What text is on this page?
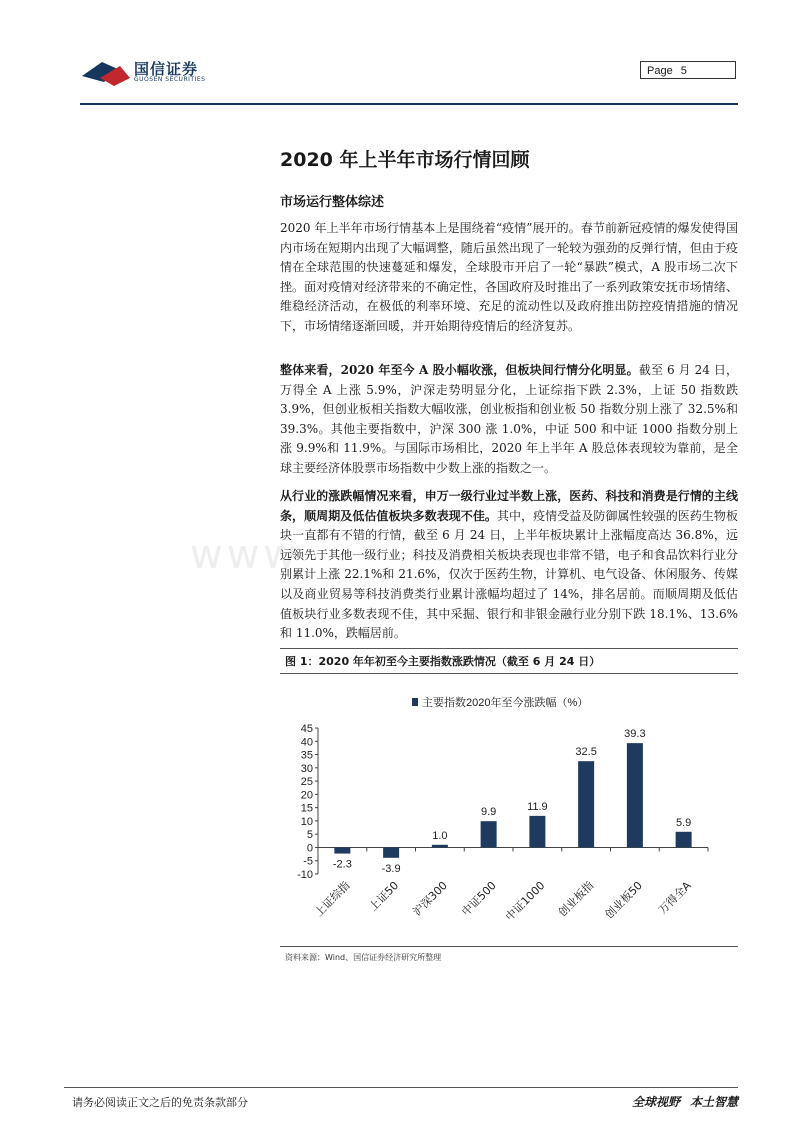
国信证券
GUOSEN SECURITIES
Page 5
www
2020 年上半年市场行情回顾
市场运行整体综述
2020 年上半年市场行情基本上是围绕着“疫情”展开的。春节前新冠疫情的爆发使得国内市场在短期内出现了大幅调整，随后虽然出现了一轮较为强劲的反弹行情，但由于疫情在全球范围的快速蔓延和爆发，全球股市开启了一轮“暴跌”模式，A 股市场二次下挫。面对疫情对经济带来的不确定性，各国政府及时推出了一系列政策安抚市场情绪、维稳经济活动，在极低的利率环境、充足的流动性以及政府推出防控疫情措施的情况下，市场情绪逐渐回暖，并开始期待疫情后的经济复苏。
整体来看，2020 年至今 A 股小幅收涨，但板块间行情分化明显。截至 6 月 24 日，万得全 A 上涨 5.9%，沪深走势明显分化，上证综指下跌 2.3%，上证 50 指数跌 3.9%，但创业板相关指数大幅收涨，创业板指和创业板 50 指数分别上涨了 32.5%和 39.3%。其他主要指数中，沪深 300 涨 1.0%，中证 500 和中证 1000 指数分别上涨 9.9%和 11.9%。与国际市场相比，2020 年上半年 A 股总体表现较为靠前，是全球主要经济体股票市场指数中少数上涨的指数之一。
从行业的涨跌幅情况来看，申万一级行业过半数上涨，医药、科技和消费是行情的主线条，顺周期及低估值板块多数表现不佳。其中，疫情受益及防御属性较强的医药生物板块一直都有不错的行情，截至 6 月 24 日，上半年板块累计上涨幅度高达 36.8%，远远领先于其他一级行业；科技及消费相关板块表现也非常不错，电子和食品饮料行业分别累计上涨 22.1%和 21.6%，仅次于医药生物，计算机、电气设备、休闲服务、传媒以及商业贸易等科技消费类行业累计涨幅均超过了 14%，排名居前。而顺周期及低估值板块行业多数表现不佳，其中采掘、银行和非银金融行业分别下跌 18.1%、13.6%和 11.0%，跌幅居前。
图 1：2020 年年初至今主要指数涨跌情况（截至 6 月 24 日）
主要指数2020年至今涨跌幅（%）
-10
-5
0
5
10
15
20
25
30
35
40
45
-2.3
上证综指
-3.9
上证50
1.0
沪深300
9.9
中证500
11.9
中证1000
32.5
创业板指
39.3
创业板50
5.9
万得全A
资料来源：Wind、国信证券经济研究所整理
请务必阅读正文之后的免责条款部分	全球视野 本土智慧
